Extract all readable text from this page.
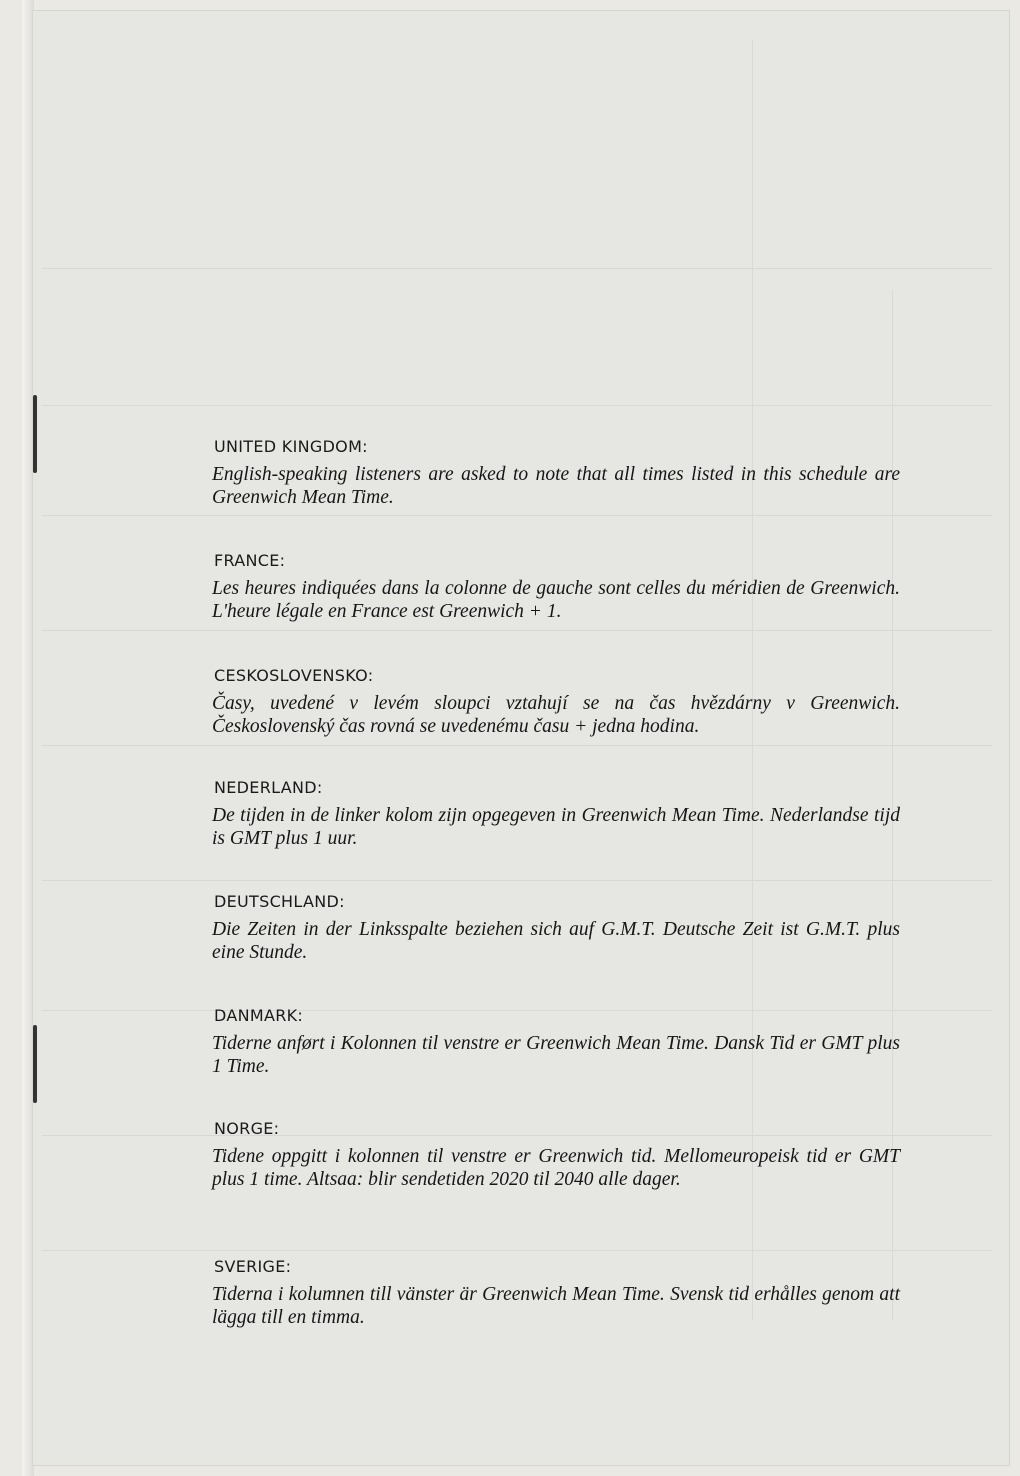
UNITED KINGDOM:

English-speaking listeners are asked to note that all times listed in this schedule are Greenwich Mean Time.

FRANCE:

Les heures indiquées dans la colonne de gauche sont celles du méridien de Greenwich. L'heure légale en France est Greenwich + 1.

CESKOSLOVENSKO:

Časy, uvedené v levém sloupci vztahují se na čas hvězdárny v Greenwich. Československý čas rovná se uvedenému času + jedna hodina.

NEDERLAND:

De tijden in de linker kolom zijn opgegeven in Greenwich Mean Time. Nederlandse tijd is GMT plus 1 uur.

DEUTSCHLAND:

Die Zeiten in der Linksspalte beziehen sich auf G.M.T. Deutsche Zeit ist G.M.T. plus eine Stunde.

DANMARK:

Tiderne anført i Kolonnen til venstre er Greenwich Mean Time. Dansk Tid er GMT plus 1 Time.

NORGE:

Tidene oppgitt i kolonnen til venstre er Greenwich tid. Mellomeuropeisk tid er GMT plus 1 time. Altsaa: blir sendetiden 2020 til 2040 alle dager.

SVERIGE:

Tiderna i kolumnen till vänster är Greenwich Mean Time. Svensk tid erhålles genom att lägga till en timma.
